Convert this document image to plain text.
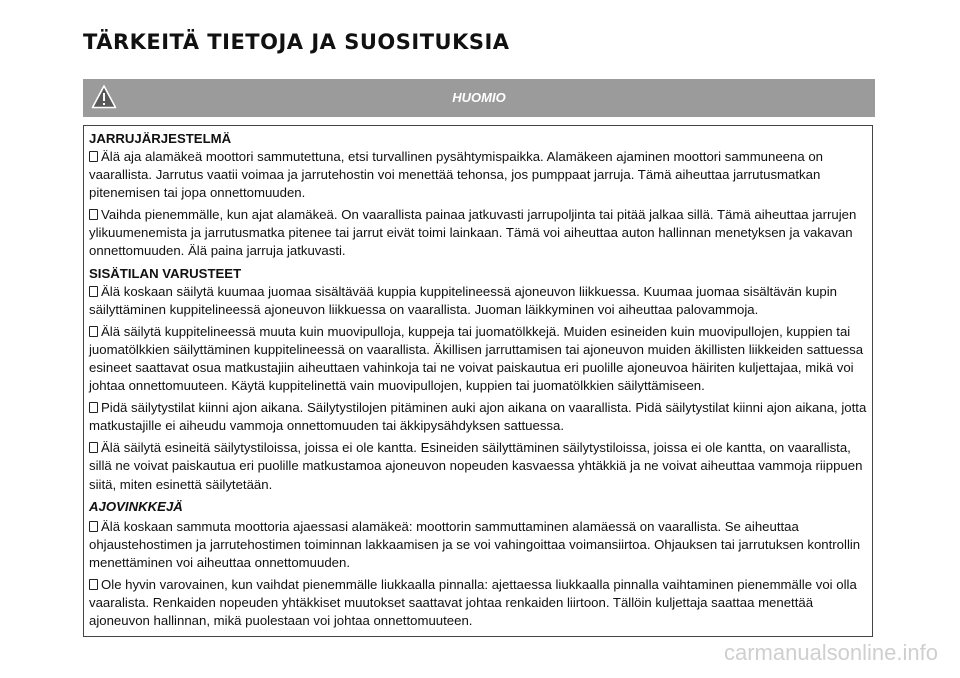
TÄRKEITÄ TIETOJA JA SUOSITUKSIA
HUOMIO
JARRUJÄRJESTELMÄ

Älä aja alamäkeä moottori sammutettuna, etsi turvallinen pysähtymispaikka. Alamäkeen ajaminen moottori sammuneena on vaarallista. Jarrutus vaatii voimaa ja jarrutehostin voi menettää tehonsa, jos pumppaat jarruja. Tämä aiheuttaa jarrutusmatkan pitenemisen tai jopa onnettomuuden.

Vaihda pienemmälle, kun ajat alamäkeä. On vaarallista painaa jatkuvasti jarrupoljinta tai pitää jalkaa sillä. Tämä aiheuttaa jarrujen ylikuumenemista ja jarrutusmatka pitenee tai jarrut eivät toimi lainkaan. Tämä voi aiheuttaa auton hallinnan menetyksen ja vakavan onnettomuuden. Älä paina jarruja jatkuvasti.

SISÄTILAN VARUSTEET

Älä koskaan säilytä kuumaa juomaa sisältävää kuppia kuppitelineessä ajoneuvon liikkuessa. Kuumaa juomaa sisältävän kupin säilyttäminen kuppitelineessä ajoneuvon liikkuessa on vaarallista. Juoman läikkyminen voi aiheuttaa palovammoja.

Älä säilytä kuppitelineessä muuta kuin muovipulloja, kuppeja tai juomatölkkejä. Muiden esineiden kuin muovipullojen, kuppien tai juomatölkkien säilyttäminen kuppitelineessä on vaarallista. Äkillisen jarruttamisen tai ajoneuvon muiden äkillisten liikkeiden sattuessa esineet saattavat osua matkustajiin aiheuttaen vahinkoja tai ne voivat paiskautua eri puolille ajoneuvoa häiriten kuljettajaa, mikä voi johtaa onnettomuuteen. Käytä kuppitelinettä vain muovipullojen, kuppien tai juomatölkkien säilyttämiseen.

Pidä säilytystilat kiinni ajon aikana. Säilytystilojen pitäminen auki ajon aikana on vaarallista. Pidä säilytystilat kiinni ajon aikana, jotta matkustajille ei aiheudu vammoja onnettomuuden tai äkkipysähdyksen sattuessa.

Älä säilytä esineitä säilytystiloissa, joissa ei ole kantta. Esineiden säilyttäminen säilytystiloissa, joissa ei ole kantta, on vaarallista, sillä ne voivat paiskautua eri puolille matkustamoa ajoneuvon nopeuden kasvaessa yhtäkkiä ja ne voivat aiheuttaa vammoja riippuen siitä, miten esinettä säilytetään.

AJOVINKKEJÄ

Älä koskaan sammuta moottoria ajaessasi alamäkeä: moottorin sammuttaminen alamäessä on vaarallista. Se aiheuttaa ohjaustehostimen ja jarrutehostimen toiminnan lakkaamisen ja se voi vahingoittaa voimansiirtoa. Ohjauksen tai jarrutuksen kontrollin menettäminen voi aiheuttaa onnettomuuden.

Ole hyvin varovainen, kun vaihdat pienemmälle liukkaalla pinnalla: ajettaessa liukkaalla pinnalla vaihtaminen pienemmälle voi olla vaaralista. Renkaiden nopeuden yhtäkkiset muutokset saattavat johtaa renkaiden liirtoon. Tällöin kuljettaja saattaa menettää ajoneuvon hallinnan, mikä puolestaan voi johtaa onnettomuuteen.

carmanualsonline.info
